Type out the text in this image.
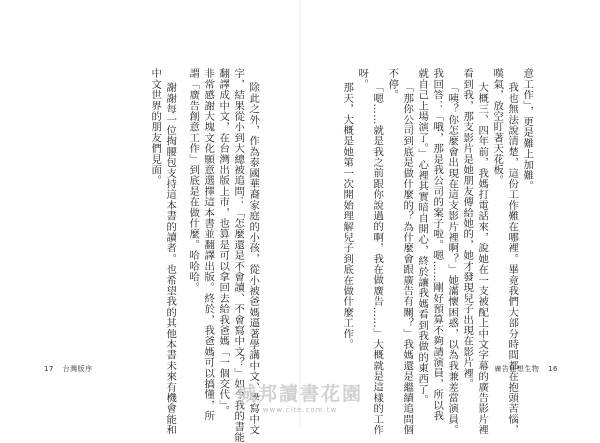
除此之外，作為泰國華裔家庭的小孩，從小被爸媽逼著學講中文、學寫中文
字，結果從小到大總被追問：「怎麼還是不會讀、不會寫中文？」如今我的書能
翻譯成中文，在台灣出版上市，也算是可以拿回去給我爸媽「一個交代」。
非常感謝大塊文化願意選擇這本書並翻譯出版。終於，我爸媽可以搞懂，所
謂「廣告創意工作」到底是在做什麼。哈哈哈。
謝謝每一位掏腰包支持這本書的讀者。也希望我的其他本書未來有機會能和
中文世界的朋友們見面。
17 台灣版序
意工作」，更是難上加難。
我也無法說清楚，這份工作難在哪裡。畢竟我們大部分時間都在抱頭苦惱，
嘆氣，放空盯著天花板。
大概三、四年前，我媽打電話來，說她在一支被配上中文字幕的廣告影片裡
看到我，那支影片是她朋友傳給她的，她才發現兒子出現在影片裡。
「咦？你怎麼會出現在這支影片裡啊？」她滿懷困惑，以為我兼差當演員。
我回答：「哦，那是我公司的案子啦。嗯……剛好預算不夠請演員，所以我
就自己上場演了。」心裡其實暗自開心，終於讓我媽看到我做的東西了。
「那你公司到底是做什麼的？為什麼會跟廣告有關？」我媽還是繼續追問個
不停。
「嗯……就是我之前跟你說過的啊，我在做廣告……」大概就是這樣的工作
呀。
那天，大概是她第一次開始理解兒子到底在做什麼工作。
廣告狂想生物 16
城邦讀書花園
www.cite.com.tw
